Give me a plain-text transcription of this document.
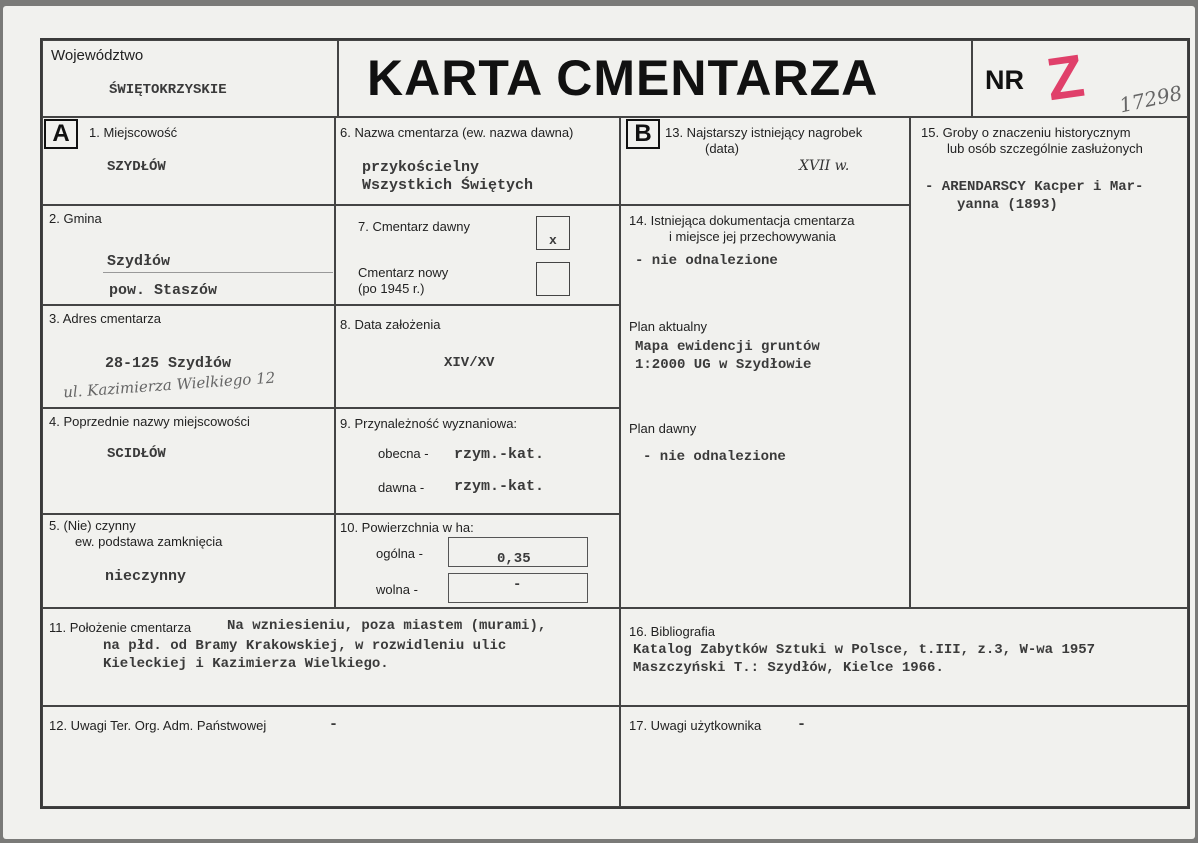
Województwo
ŚWIĘTOKRZYSKIE	KARTA CMENTARZA	NR Z 17298
1. Miejscowość
SZYDŁÓW
2. Gmina
Szydłów
pow. Staszów
3. Adres cmentarza
28-125 Szydłów
ul. Kazimierza Wielkiego 12
4. Poprzednie nazwy miejscowości
SCIDŁÓW
5. (Nie) czynny
ew. podstawa zamknięcia
nieczynny
6. Nazwa cmentarza (ew. nazwa dawna)
przykościelny
Wszystkich Świętych
7. Cmentarz dawny
x
Cmentarz nowy
(po 1945 r.)
8. Data założenia
XIV/XV
9. Przynależność wyznaniowa:
obecna - rzym.-kat.
dawna - rzym.-kat.
10. Powierzchnia w ha:
ogólna -	0,35
wolna -	-
13. Najstarszy istniejący nagrobek
(data)
XVII w.
14. Istniejąca dokumentacja cmentarza
i miejsce jej przechowywania
- nie odnalezione
Plan aktualny
Mapa ewidencji gruntów
1:2000 UG w Szydłowie
Plan dawny
- nie odnalezione
15. Groby o znaczeniu historycznym
lub osób szczególnie zasłużonych
- ARENDARSCY Kacper i Mar-
yanna (1893)
11. Położenie cmentarza	Na wzniesieniu, poza miastem (murami),
na płd. od Bramy Krakowskiej, w rozwidleniu ulic
Kieleckiej i Kazimierza Wielkiego.
12. Uwagi Ter. Org. Adm. Państwowej	-
16. Bibliografia
Katalog Zabytków Sztuki w Polsce, t.III, z.3, W-wa 1957
Maszczyński T.: Szydłów, Kielce 1966.
17. Uwagi użytkownika -
A	B
